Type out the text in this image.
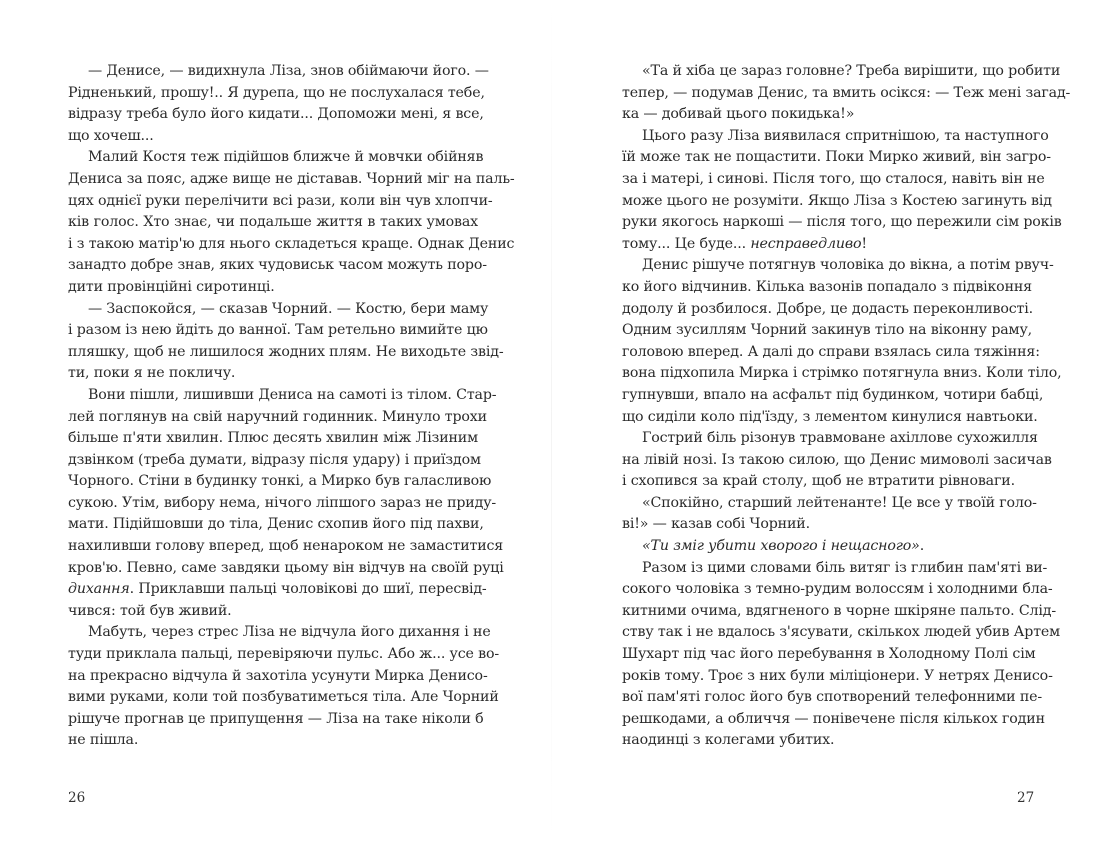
— Денисе, — видихнула Ліза, знов обіймаючи його. —
Рідненький, прошу!.. Я дурепа, що не послухалася тебе,
відразу треба було його кидати... Допоможи мені, я все,
що хочеш...
Малий Костя теж підійшов ближче й мовчки обійняв
Дениса за пояс, адже вище не діставав. Чорний міг на паль-
цях однієї руки перелічити всі рази, коли він чув хлопчи-
ків голос. Хто знає, чи подальше життя в таких умовах
і з такою матір'ю для нього складеться краще. Однак Денис
занадто добре знав, яких чудовиськ часом можуть поро-
дити провінційні сиротинці.
— Заспокойся, — сказав Чорний. — Костю, бери маму
і разом із нею йдіть до ванної. Там ретельно вимийте цю
пляшку, щоб не лишилося жодних плям. Не виходьте звід-
ти, поки я не покличу.
Вони пішли, лишивши Дениса на самоті із тілом. Стар-
лей поглянув на свій наручний годинник. Минуло трохи
більше п'яти хвилин. Плюс десять хвилин між Лізиним
дзвінком (треба думати, відразу після удару) і приїздом
Чорного. Стіни в будинку тонкі, а Мирко був галасливою
сукою. Утім, вибору нема, нічого ліпшого зараз не приду-
мати. Підійшовши до тіла, Денис схопив його під пахви,
нахиливши голову вперед, щоб ненароком не замаститися
кров'ю. Певно, саме завдяки цьому він відчув на своїй руці
дихання. Приклавши пальці чоловікові до шиї, пересвід-
чився: той був живий.
Мабуть, через стрес Ліза не відчула його дихання і не
туди приклала пальці, перевіряючи пульс. Або ж... усе во-
на прекрасно відчула й захотіла усунути Мирка Денисо-
вими руками, коли той позбуватиметься тіла. Але Чорний
рішуче прогнав це припущення — Ліза на таке ніколи б
не пішла.
«Та й хіба це зараз головне? Треба вирішити, що робити
тепер, — подумав Денис, та вмить осікся: — Теж мені загад-
ка — добивай цього покидька!»
Цього разу Ліза виявилася спритнішою, та наступного
їй може так не пощастити. Поки Мирко живий, він загро-
за і матері, і синові. Після того, що сталося, навіть він не
може цього не розуміти. Якщо Ліза з Костею загинуть від
руки якогось наркоші — після того, що пережили сім років
тому... Це буде... несправедливо!
Денис рішуче потягнув чоловіка до вікна, а потім рвуч-
ко його відчинив. Кілька вазонів попадало з підвіконня
додолу й розбилося. Добре, це додасть переконливості.
Одним зусиллям Чорний закинув тіло на віконну раму,
головою вперед. А далі до справи взялась сила тяжіння:
вона підхопила Мирка і стрімко потягнула вниз. Коли тіло,
гупнувши, впало на асфальт під будинком, чотири бабці,
що сиділи коло під'їзду, з лементом кинулися навтьоки.
Гострий біль різонув травмоване ахіллове сухожилля
на лівій нозі. Із такою силою, що Денис мимоволі засичав
і схопився за край столу, щоб не втратити рівноваги.
«Спокійно, старший лейтенанте! Це все у твоїй голо-
ві!» — казав собі Чорний.
«Ти зміг убити хворого і нещасного».
Разом із цими словами біль витяг із глибин пам'яті ви-
сокого чоловіка з темно-рудим волоссям і холодними бла-
китними очима, вдягненого в чорне шкіряне пальто. Слід-
ству так і не вдалось з'ясувати, скількох людей убив Артем
Шухарт під час його перебування в Холодному Полі сім
років тому. Троє з них були міліціонери. У нетрях Денисо-
вої пам'яті голос його був спотворений телефонними пе-
решкодами, а обличчя — понівечене після кількох годин
наодинці з колегами убитих.
26	27
